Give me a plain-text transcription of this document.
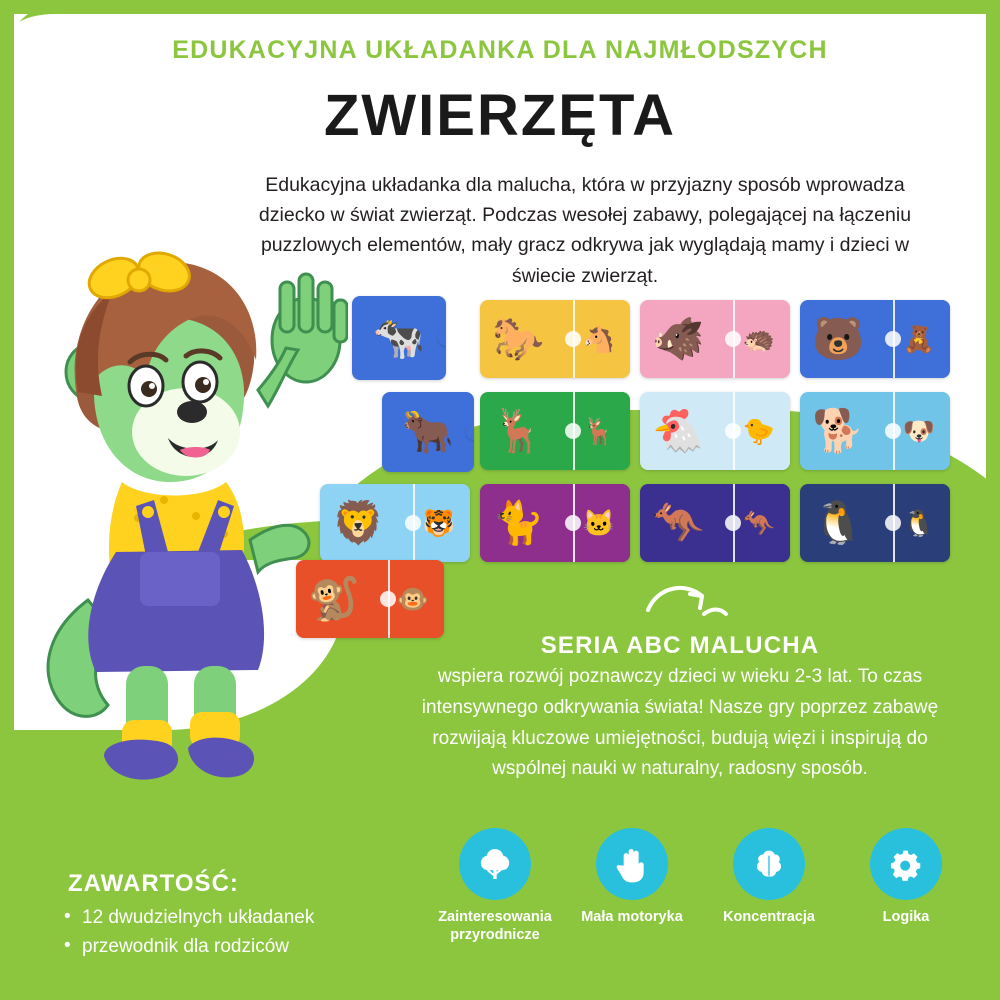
EDUKACYJNA UKŁADANKA DLA NAJMŁODSZYCH
ZWIERZĘTA
Edukacyjna układanka dla malucha, która w przyjazny sposób wprowadza dziecko w świat zwierząt. Podczas wesołej zabawy, polegającej na łączeniu puzzlowych elementów, mały gracz odkrywa jak wyglądają mamy i dzieci w świecie zwierząt.
🐄	🐴
🐎	🦔
🐗	🧸
🐻
🐂	🦌
🦌	🐤
🐔	🐶
🐕
🐯
🦁	🐱
🐈	🦘
🦘	🐧
🐧
🐵
🐒
SERIA ABC MALUCHA
wspiera rozwój poznawczy dzieci w wieku 2-3 lat. To czas intensywnego odkrywania świata! Nasze gry poprzez zabawę rozwijają kluczowe umiejętności, budują więzi i inspirują do wspólnej nauki w naturalny, radosny sposób.
Zainteresowania przyrodnicze
Mała motoryka	Koncentracja	Logika
ZAWARTOŚĆ:
• 12 dwudzielnych układanek
• przewodnik dla rodziców
